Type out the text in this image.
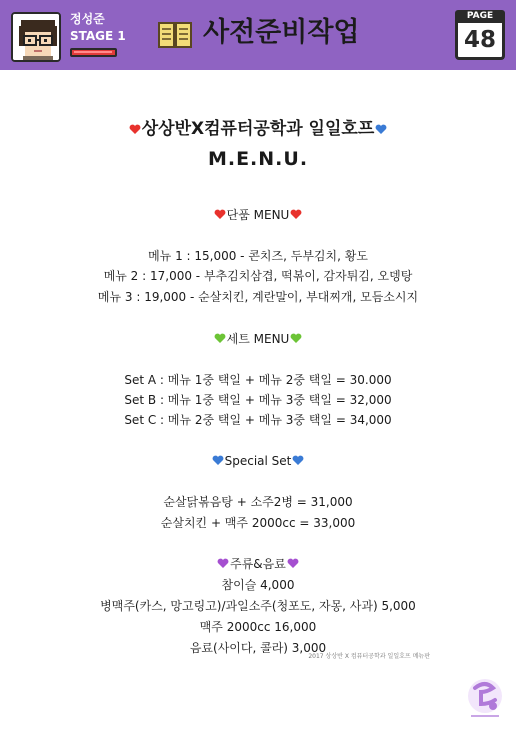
정성준
STAGE 1	사전준비작업
PAGE
48
상상반X컴퓨터공학과 일일호프
M.E.N.U.
단품 MENU
메뉴 1 : 15,000 - 콘치즈, 두부김치, 황도
메뉴 2 : 17,000 - 부추김치삼겹, 떡볶이, 감자튀김, 오뎅탕
메뉴 3 : 19,000 - 순살치킨, 계란말이, 부대찌개, 모듬소시지
세트 MENU
Set A : 메뉴 1중 택일 + 메뉴 2중 택일 = 30.000
Set B : 메뉴 1중 택일 + 메뉴 3중 택일 = 32,000
Set C : 메뉴 2중 택일 + 메뉴 3중 택일 = 34,000
Special Set
순살닭볶음탕 + 소주2병 = 31,000
순살치킨 + 맥주 2000cc = 33,000
주류&음료
참이슬 4,000
병맥주(카스, 망고링고)/과일소주(청포도, 자몽, 사과) 5,000
맥주 2000cc 16,000
음료(사이다, 콜라) 3,000
2017 상상반 X 컴퓨터공학과 일일호프 메뉴판
